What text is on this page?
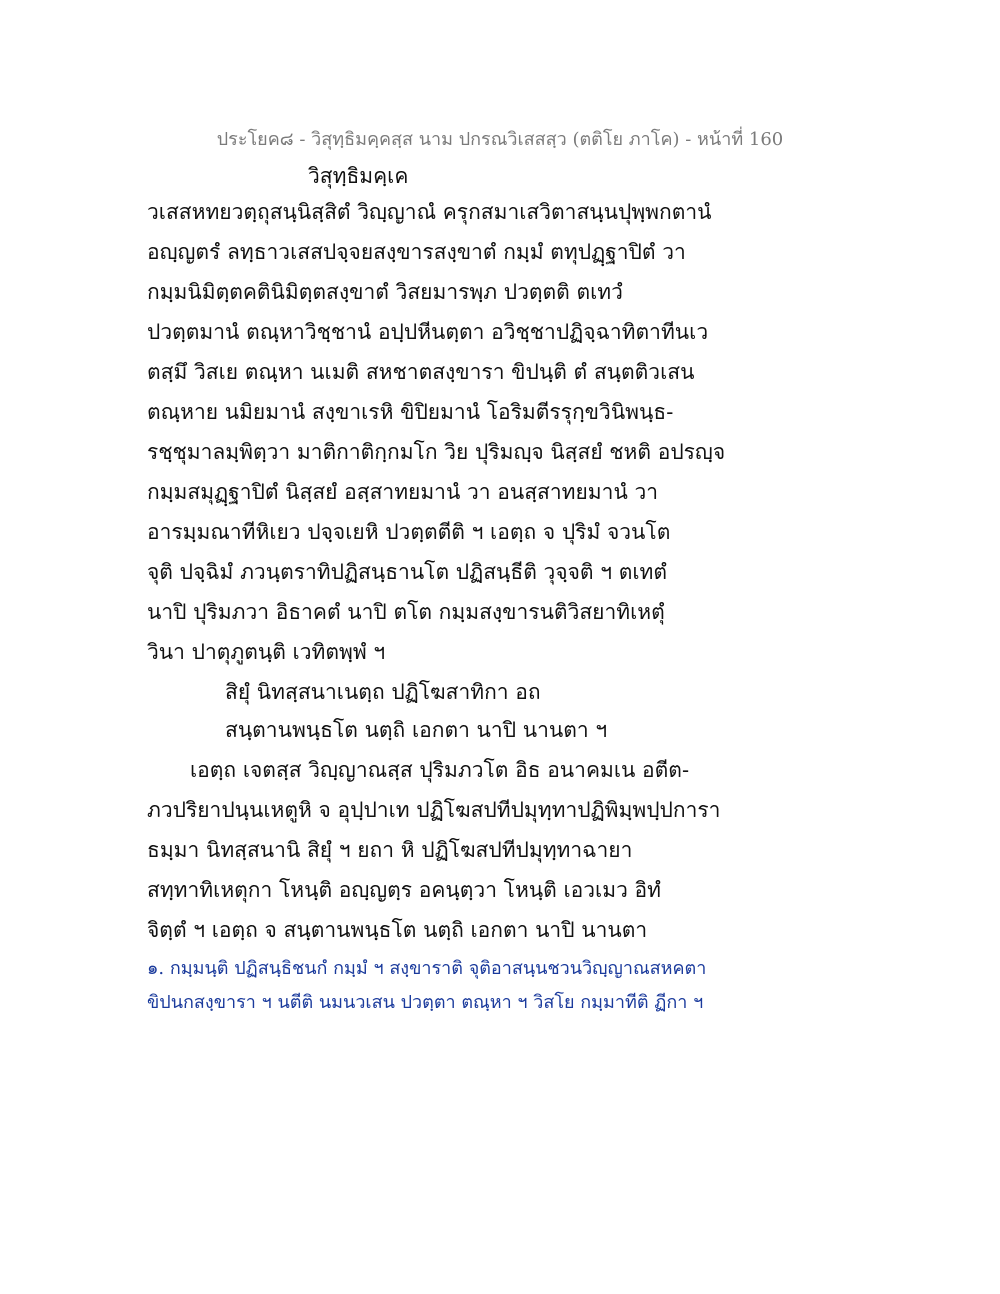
ประโยค๘ - วิสุทฺธิมคฺคสฺส นาม ปกรณวิเสสสฺว (ตติโย ภาโค) - หน้าที่ 160
วิสุทฺธิมคฺเค
วเสสหทยวตฺถุสนฺนิสฺสิตํ วิญฺญาณํ ครุกสมาเสวิตาสนฺนปุพฺพกตานํ
อญฺญตรํ ลทฺธาวเสสปจฺจยสงฺขารสงฺขาตํ กมฺมํ ตทุปฏฺฐาปิตํ วา
กมฺมนิมิตฺตคตินิมิตฺตสงฺขาตํ วิสยมารพฺภ ปวตฺตติ ตเทวํ
ปวตฺตมานํ ตณฺหาวิชฺชานํ อปฺปหีนตฺตา อวิชฺชาปฏิจฺฉาทิตาทีนเว
ตสฺมึ วิสเย ตณฺหา นเมติ สหชาตสงฺขารา ขิปนฺติ ตํ สนฺตติวเสน
ตณฺหาย นมิยมานํ สงฺขาเรหิ ขิปิยมานํ โอริมตีรรุกฺขวินิพนฺธ-
รชฺชุมาลมฺพิตฺวา มาติกาติกฺกมโก วิย ปุริมญฺจ นิสฺสยํ ชหติ อปรญฺจ
กมฺมสมุฏฺฐาปิตํ นิสฺสยํ อสฺสาทยมานํ วา อนสฺสาทยมานํ วา
อารมฺมณาทีหิเยว ปจฺจเยหิ ปวตฺตตีติ ฯ เอตฺถ จ ปุริมํ จวนโต
จุติ ปจฺฉิมํ ภวนฺตราทิปฏิสนฺธานโต ปฏิสนฺธีติ วุจฺจติ ฯ ตเทตํ
นาปิ ปุริมภวา อิธาคตํ นาปิ ตโต กมฺมสงฺขารนติวิสยาทิเหตุํ
วินา ปาตุภูตนฺติ เวทิตพฺพํ ฯ
สิยุํ นิทสฺสนาเนตฺถ ปฏิโฆสาทิกา อถ
สนฺตานพนฺธโต นตฺถิ เอกตา นาปิ นานตา ฯ
เอตฺถ เจตสฺส วิญฺญาณสฺส ปุริมภวโต อิธ อนาคมเน อตีต-
ภวปริยาปนฺนเหตูหิ จ อุปฺปาเท ปฏิโฆสปทีปมุทฺทาปฏิพิมฺพปฺปการา
ธมฺมา นิทสฺสนานิ สิยุํ ฯ ยถา หิ ปฏิโฆสปทีปมุทฺทาฉายา
สทฺทาทิเหตุกา โหนฺติ อญฺญตฺร อคนฺตฺวา โหนฺติ เอวเมว อิทํ
จิตฺตํ ฯ เอตฺถ จ สนฺตานพนฺธโต นตฺถิ เอกตา นาปิ นานตา
๑. กมฺมนฺติ ปฏิสนฺธิชนกํ กมฺมํ ฯ สงฺขาราติ จุติอาสนฺนชวนวิญฺญาณสหคตา
ขิปนกสงฺขารา ฯ นตีติ นมนวเสน ปวตฺตา ตณฺหา ฯ วิสโย กมฺมาทีติ ฏีกา ฯ
